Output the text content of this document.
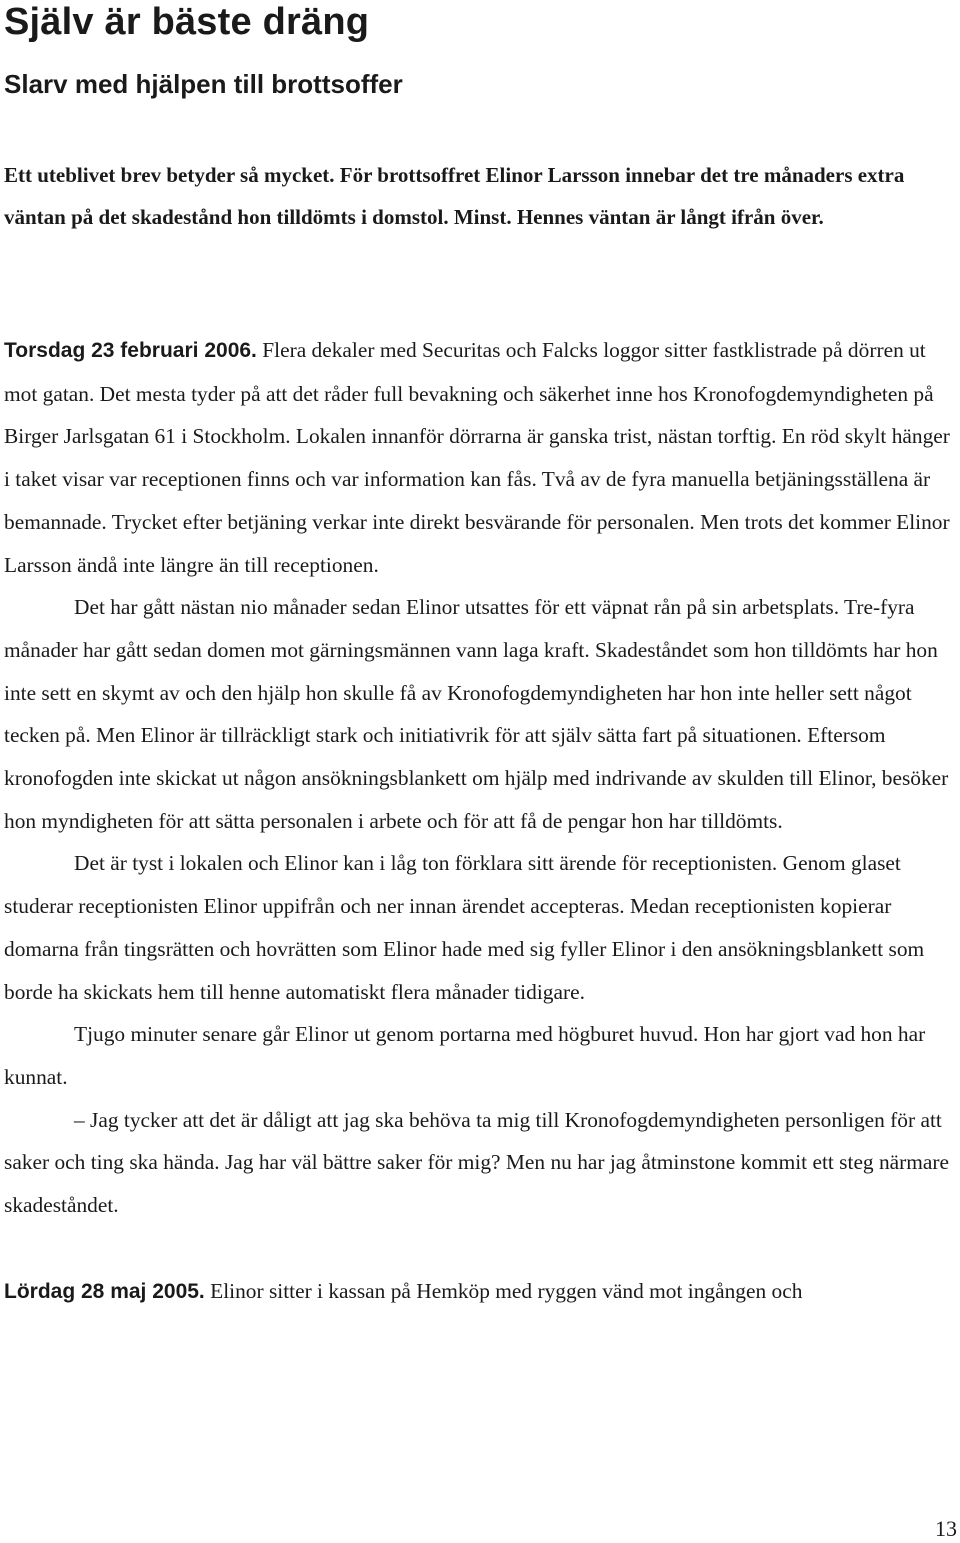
Själv är bäste dräng
Slarv med hjälpen till brottsoffer

Ett uteblivet brev betyder så mycket. För brottsoffret Elinor Larsson innebar det tre månaders extra väntan på det skadestånd hon tilldömts i domstol. Minst. Hennes väntan är långt ifrån över.

Torsdag 23 februari 2006. Flera dekaler med Securitas och Falcks loggor sitter fastklistrade på dörren ut mot gatan. Det mesta tyder på att det råder full bevakning och säkerhet inne hos Kronofogdemyndigheten på Birger Jarlsgatan 61 i Stockholm. Lokalen innanför dörrarna är ganska trist, nästan torftig. En röd skylt hänger i taket visar var receptionen finns och var information kan fås. Två av de fyra manuella betjäningsställena är bemannade. Trycket efter betjäning verkar inte direkt besvärande för personalen. Men trots det kommer Elinor Larsson ändå inte längre än till receptionen.

Det har gått nästan nio månader sedan Elinor utsattes för ett väpnat rån på sin arbetsplats. Tre-fyra månader har gått sedan domen mot gärningsmännen vann laga kraft. Skadeståndet som hon tilldömts har hon inte sett en skymt av och den hjälp hon skulle få av Kronofogdemyndigheten har hon inte heller sett något tecken på. Men Elinor är tillräckligt stark och initiativrik för att själv sätta fart på situationen. Eftersom kronofogden inte skickat ut någon ansökningsblankett om hjälp med indrivande av skulden till Elinor, besöker hon myndigheten för att sätta personalen i arbete och för att få de pengar hon har tilldömts.

Det är tyst i lokalen och Elinor kan i låg ton förklara sitt ärende för receptionisten. Genom glaset studerar receptionisten Elinor uppifrån och ner innan ärendet accepteras. Medan receptionisten kopierar domarna från tingsrätten och hovrätten som Elinor hade med sig fyller Elinor i den ansökningsblankett som borde ha skickats hem till henne automatiskt flera månader tidigare.

Tjugo minuter senare går Elinor ut genom portarna med högburet huvud. Hon har gjort vad hon har kunnat.

– Jag tycker att det är dåligt att jag ska behöva ta mig till Kronofogdemyndigheten personligen för att saker och ting ska hända. Jag har väl bättre saker för mig? Men nu har jag åtminstone kommit ett steg närmare skadeståndet.

Lördag 28 maj 2005. Elinor sitter i kassan på Hemköp med ryggen vänd mot ingången och

13
